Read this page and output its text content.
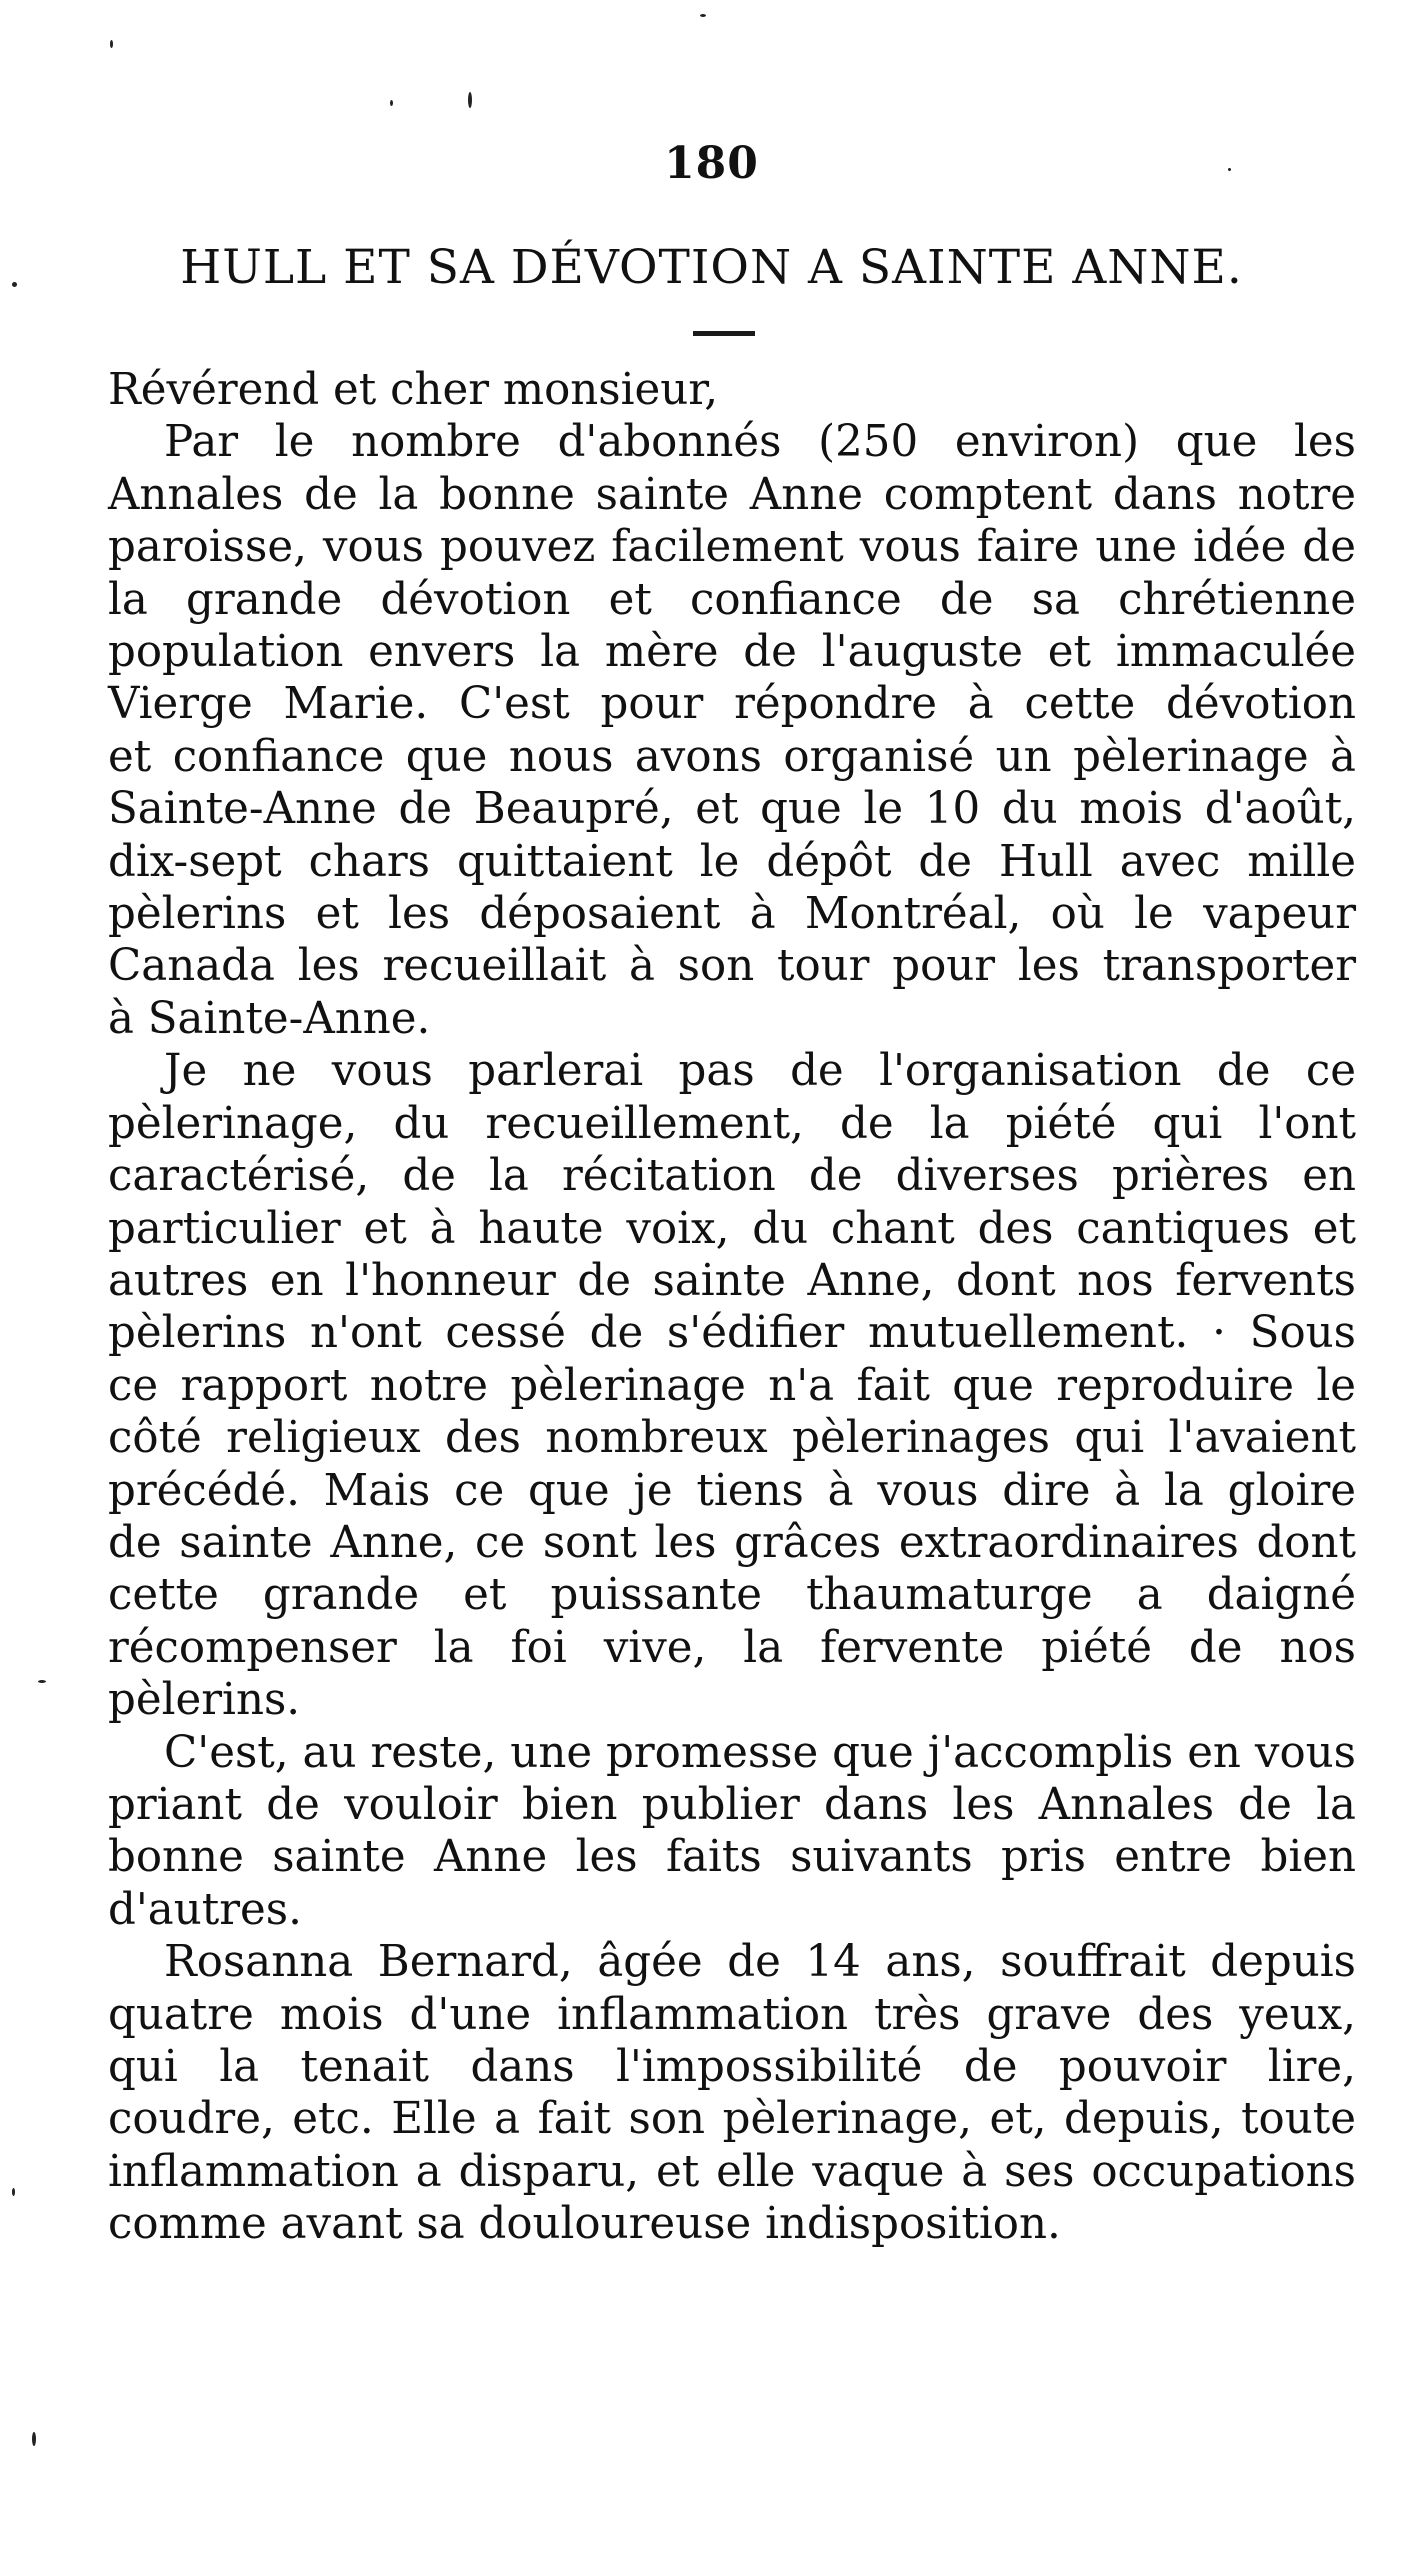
180
HULL ET SA DÉVOTION A SAINTE ANNE.

Révérend et cher monsieur,

Par le nombre d'abonnés (250 environ) que les
Annales de la bonne sainte Anne comptent dans notre
paroisse, vous pouvez facilement vous faire une idée de
la grande dévotion et confiance de sa chrétienne
population envers la mère de l'auguste et immaculée
Vierge Marie. C'est pour répondre à cette dévotion
et confiance que nous avons organisé un pèlerinage à
Sainte-Anne de Beaupré, et que le 10 du mois d'août,
dix-sept chars quittaient le dépôt de Hull avec mille
pèlerins et les déposaient à Montréal, où le vapeur
Canada les recueillait à son tour pour les transporter
à Sainte-Anne.
Je ne vous parlerai pas de l'organisation de ce
pèlerinage, du recueillement, de la piété qui l'ont
caractérisé, de la récitation de diverses prières en
particulier et à haute voix, du chant des cantiques et
autres en l'honneur de sainte Anne, dont nos fervents
pèlerins n'ont cessé de s'édifier mutuellement. · Sous
ce rapport notre pèlerinage n'a fait que reproduire le
côté religieux des nombreux pèlerinages qui l'avaient
précédé. Mais ce que je tiens à vous dire à la gloire
de sainte Anne, ce sont les grâces extraordinaires dont
cette grande et puissante thaumaturge a daigné
récompenser la foi vive, la fervente piété de nos
pèlerins.
C'est, au reste, une promesse que j'accomplis en vous
priant de vouloir bien publier dans les Annales de la
bonne sainte Anne les faits suivants pris entre bien
d'autres.
Rosanna Bernard, âgée de 14 ans, souffrait depuis
quatre mois d'une inflammation très grave des yeux,
qui la tenait dans l'impossibilité de pouvoir lire,
coudre, etc. Elle a fait son pèlerinage, et, depuis, toute
inflammation a disparu, et elle vaque à ses occupations
comme avant sa douloureuse indisposition.
